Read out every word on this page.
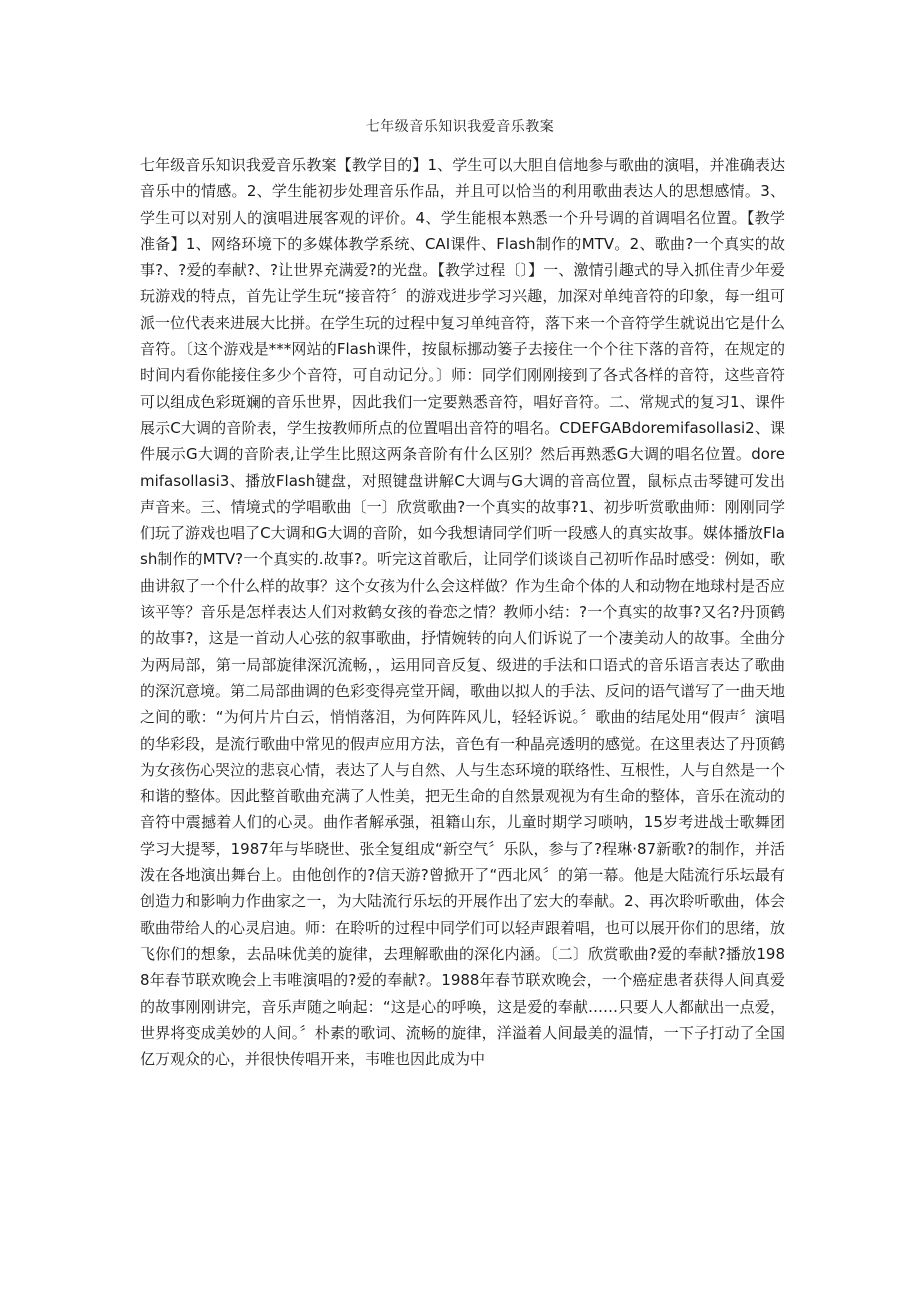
七年级音乐知识我爱音乐教案

七年级音乐知识我爱音乐教案【教学目的】1、学生可以大胆自信地参与歌曲的演唱，并准确表达音乐中的情感。2、学生能初步处理音乐作品，并且可以恰当的利用歌曲表达人的思想感情。3、学生可以对别人的演唱进展客观的评价。4、学生能根本熟悉一个升号调的首调唱名位置。【教学准备】1、网络环境下的多媒体教学系统、CAI课件、Flash制作的MTV。2、歌曲?一个真实的故事?、?爱的奉献?、?让世界充满爱?的光盘。【教学过程〔〕】一、激情引趣式的导入抓住青少年爱玩游戏的特点，首先让学生玩“接音符〞的游戏进步学习兴趣，加深对单纯音符的印象，每一组可派一位代表来进展大比拼。在学生玩的过程中复习单纯音符，落下来一个音符学生就说出它是什么音符。〔这个游戏是***网站的Flash课件，按鼠标挪动篓子去接住一个个往下落的音符，在规定的时间内看你能接住多少个音符，可自动记分。〕师：同学们刚刚接到了各式各样的音符，这些音符可以组成色彩斑斓的音乐世界，因此我们一定要熟悉音符，唱好音符。二、常规式的复习1、课件展示C大调的音阶表，学生按教师所点的位置唱出音符的唱名。CDEFGABdoremifasollasi2、课件展示G大调的音阶表,让学生比照这两条音阶有什么区别？然后再熟悉G大调的唱名位置。doremifasollasi3、播放Flash键盘，对照键盘讲解C大调与G大调的音高位置，鼠标点击琴键可发出声音来。三、情境式的学唱歌曲〔一〕欣赏歌曲?一个真实的故事?1、初步听赏歌曲师：刚刚同学们玩了游戏也唱了C大调和G大调的音阶，如今我想请同学们听一段感人的真实故事。媒体播放Flash制作的MTV?一个真实的.故事?。听完这首歌后，让同学们谈谈自己初听作品时感受：例如，歌曲讲叙了一个什么样的故事？这个女孩为什么会这样做？作为生命个体的人和动物在地球村是否应该平等？音乐是怎样表达人们对救鹤女孩的眷恋之情？教师小结：?一个真实的故事?又名?丹顶鹤的故事?，这是一首动人心弦的叙事歌曲，抒情婉转的向人们诉说了一个凄美动人的故事。全曲分为两局部，第一局部旋律深沉流畅，，运用同音反复、级进的手法和口语式的音乐语言表达了歌曲的深沉意境。第二局部曲调的色彩变得亮堂开阔，歌曲以拟人的手法、反问的语气谱写了一曲天地之间的歌：“为何片片白云，悄悄落泪，为何阵阵风儿，轻轻诉说。〞歌曲的结尾处用“假声〞演唱的华彩段，是流行歌曲中常见的假声应用方法，音色有一种晶亮透明的感觉。在这里表达了丹顶鹤为女孩伤心哭泣的悲哀心情，表达了人与自然、人与生态环境的联络性、互根性，人与自然是一个和谐的整体。因此整首歌曲充满了人性美，把无生命的自然景观视为有生命的整体，音乐在流动的音符中震撼着人们的心灵。曲作者解承强，祖籍山东，儿童时期学习唢呐，15岁考进战士歌舞团学习大提琴，1987年与毕晓世、张全复组成“新空气〞乐队，参与了?程琳·87新歌?的制作，并活泼在各地演出舞台上。由他创作的?信天游?曾掀开了“西北风〞的第一幕。他是大陆流行乐坛最有创造力和影响力作曲家之一，为大陆流行乐坛的开展作出了宏大的奉献。2、再次聆听歌曲，体会歌曲带给人的心灵启迪。师：在聆听的过程中同学们可以轻声跟着唱，也可以展开你们的思绪，放飞你们的想象，去品味优美的旋律，去理解歌曲的深化内涵。〔二〕欣赏歌曲?爱的奉献?播放1988年春节联欢晚会上韦唯演唱的?爱的奉献?。1988年春节联欢晚会，一个癌症患者获得人间真爱的故事刚刚讲完，音乐声随之响起：“这是心的呼唤，这是爱的奉献……只要人人都献出一点爱，世界将变成美妙的人间。〞朴素的歌词、流畅的旋律，洋溢着人间最美的温情，一下子打动了全国亿万观众的心，并很快传唱开来，韦唯也因此成为中
